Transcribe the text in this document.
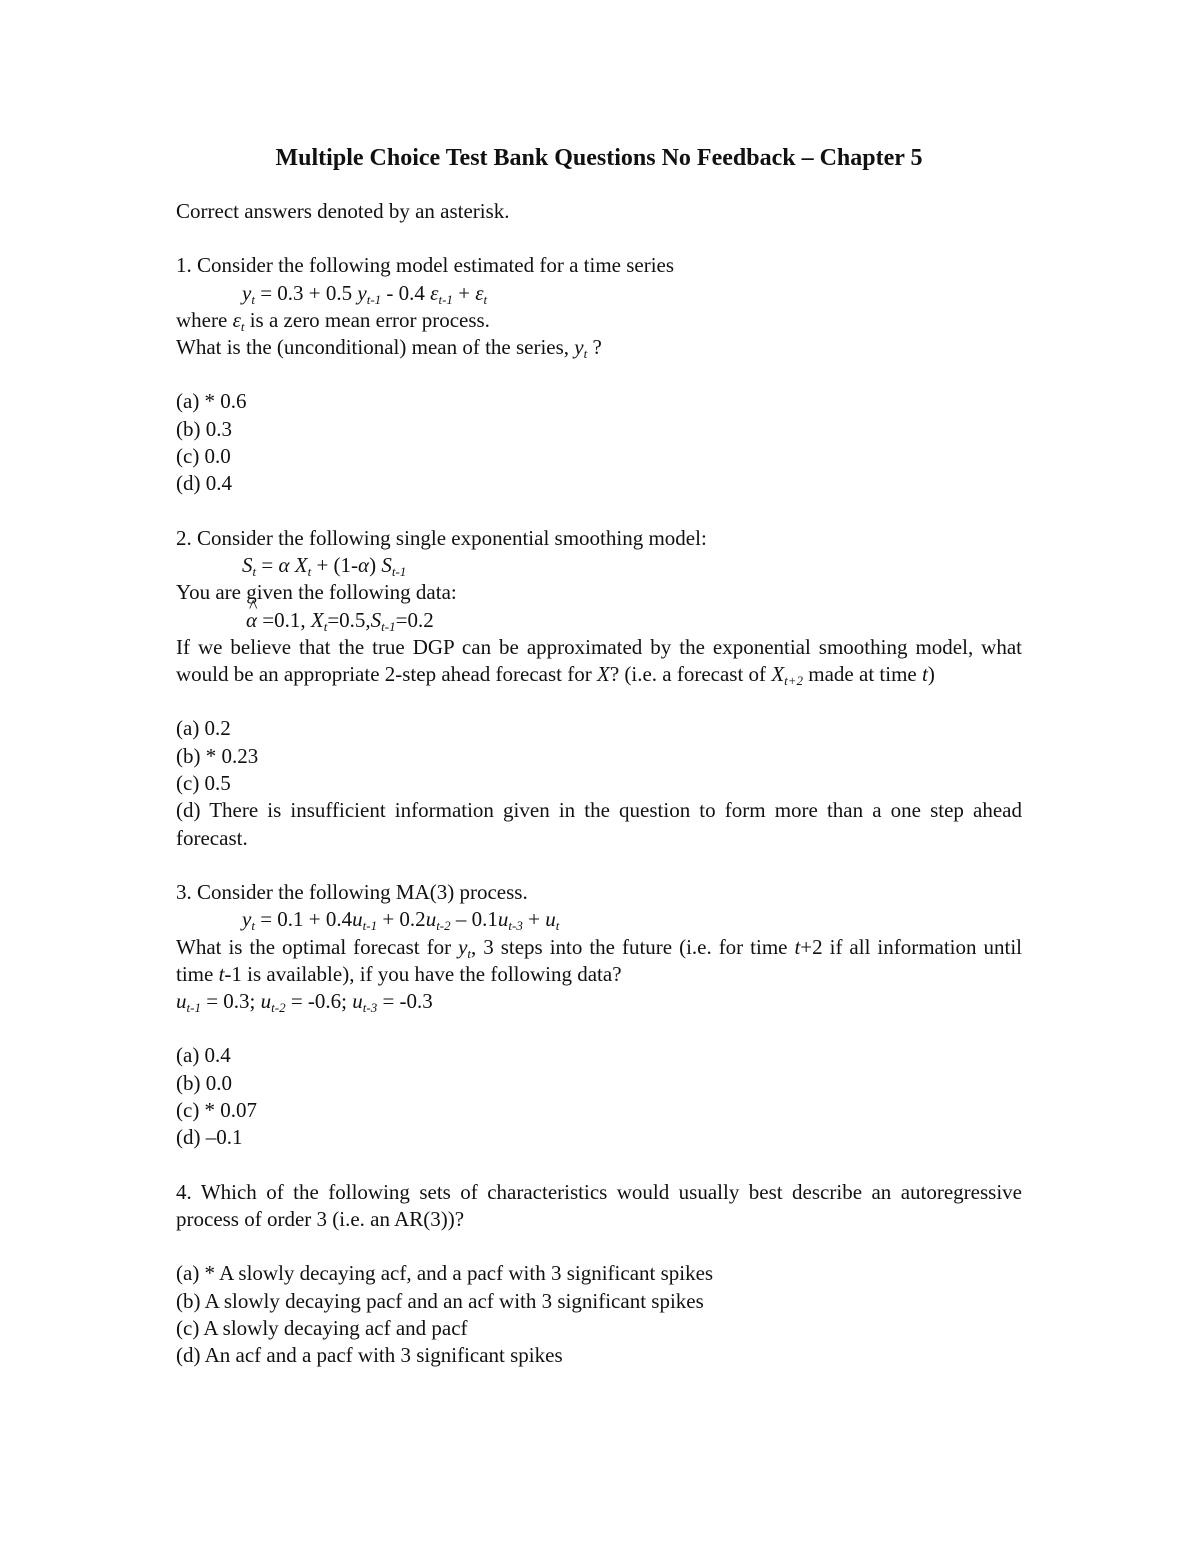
Multiple Choice Test Bank Questions No Feedback – Chapter 5

Correct answers denoted by an asterisk.

1. Consider the following model estimated for a time series

$y_t = 0.3 + 0.5$ $y_{t-1} - 0.4$ $\varepsilon_{t-1} + \varepsilon_t$

where $\varepsilon_t$ is a zero mean error process.

What is the (unconditional) mean of the series, $y_t$ ?

(a) * 0.6

(b) 0.3

(c) 0.0

(d) 0.4

2. Consider the following single exponential smoothing model:

$S_t = \alpha$ $X_t + (1-\alpha)$ $S_{t-1}$

You are given the following data:

^ α =0.1, $X_t=0.5,S_{t-1}=0.2$

If we believe that the true DGP can be approximated by the exponential smoothing model, what would be an appropriate 2-step ahead forecast for X? (i.e. a forecast of $X_{t+2}$ made at time t)

(a) 0.2

(b) * 0.23

(c) 0.5

(d) There is insufficient information given in the question to form more than a one step ahead forecast.

3. Consider the following MA(3) process.

$y_t = 0.1 + 0.4u_{t-1} + 0.2u_{t-2} - 0.1u_{t-3} + u_t$

What is the optimal forecast for $y_t$, 3 steps into the future (i.e. for time t+2 if all information until time t-1 is available), if you have the following data?

$u_{t-1} = 0.3$; $u_{t-2} = -0.6$; $u_{t-3} = -0.3$

(a) 0.4

(b) 0.0

(c) * 0.07

(d) –0.1

4. Which of the following sets of characteristics would usually best describe an autoregressive process of order 3 (i.e. an AR(3))?

(a) * A slowly decaying acf, and a pacf with 3 significant spikes

(b) A slowly decaying pacf and an acf with 3 significant spikes

(c) A slowly decaying acf and pacf

(d) An acf and a pacf with 3 significant spikes
